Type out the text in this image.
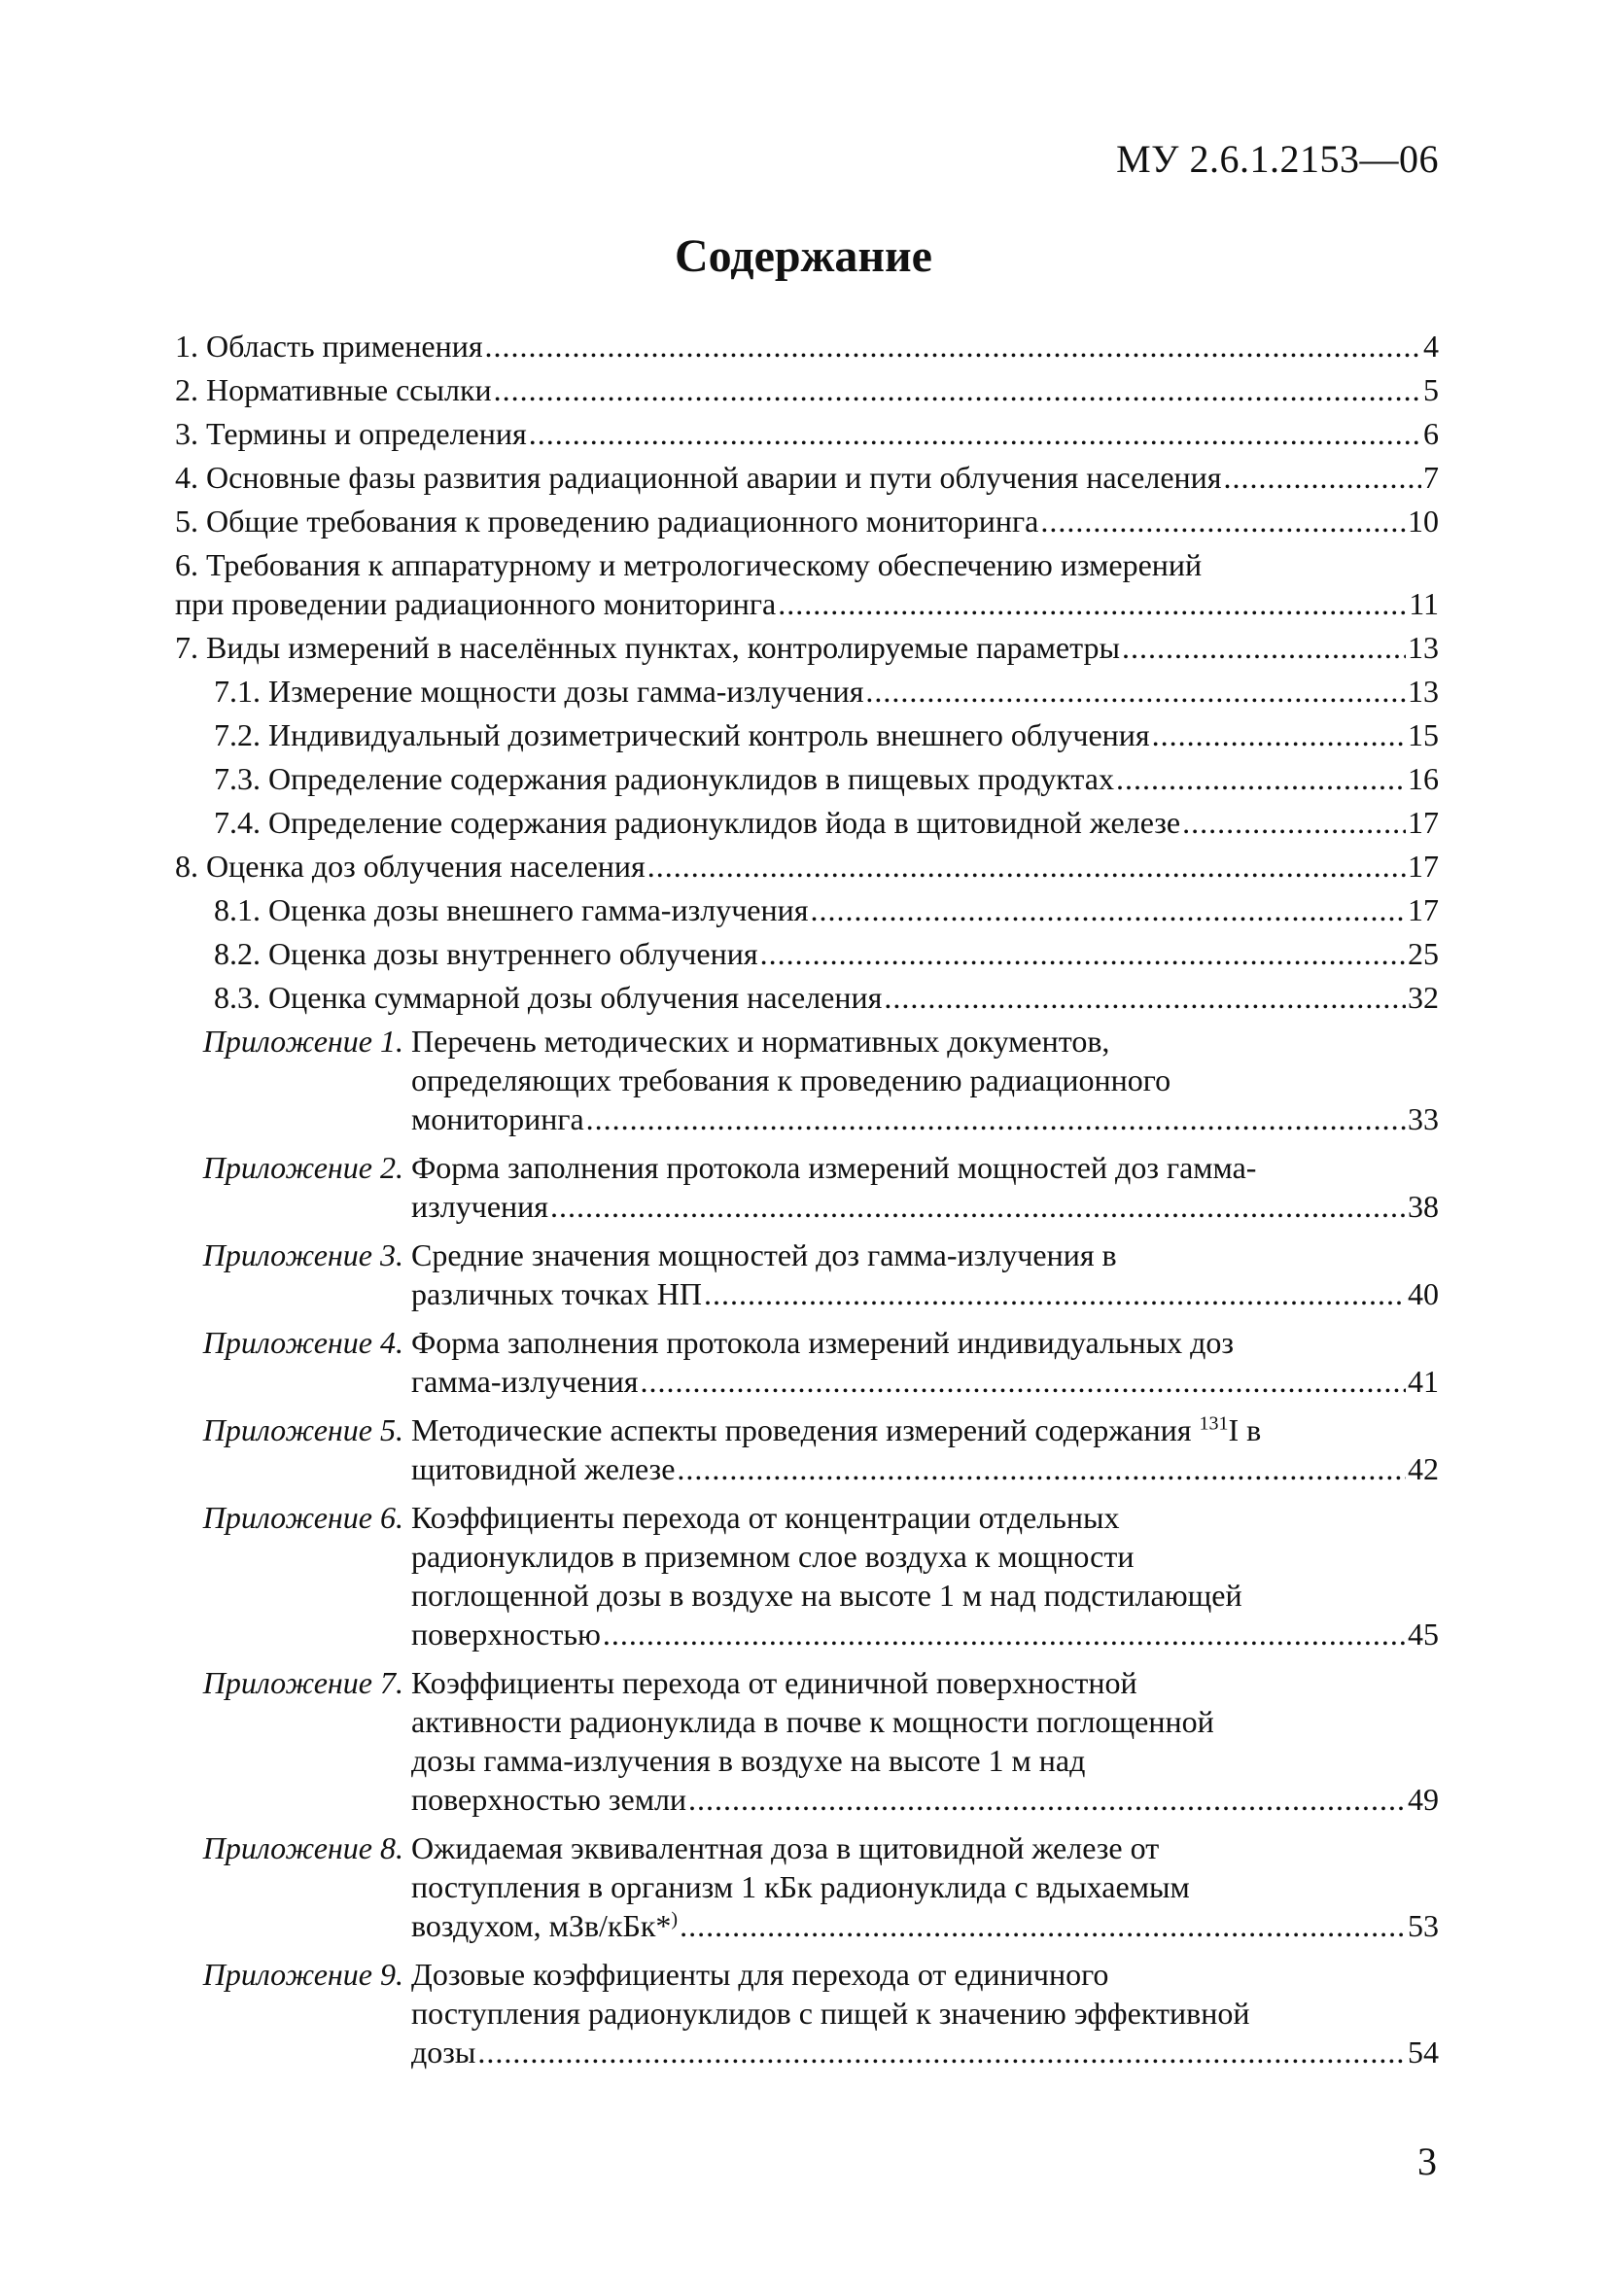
МУ 2.6.1.2153—06
Содержание
1. Область применения .....	4
2. Нормативные ссылки .....	5
3. Термины и определения .....	6
4. Основные фазы развития радиационной аварии и пути облучения населения .....	7
5. Общие требования к проведению радиационного мониторинга .....	10
6. Требования к аппаратурному и метрологическому обеспечению измерений
при проведении радиационного мониторинга .....	11
7. Виды измерений в населённых пунктах, контролируемые параметры .....	13
7.1. Измерение мощности дозы гамма-излучения .....	13
7.2. Индивидуальный дозиметрический контроль внешнего облучения .....	15
7.3. Определение содержания радионуклидов в пищевых продуктах .....	16
7.4. Определение содержания радионуклидов йода в щитовидной железе .....	17
8. Оценка доз облучения населения .....	17
8.1. Оценка дозы внешнего гамма-излучения .....	17
8.2. Оценка дозы внутреннего облучения .....	25
8.3. Оценка суммарной дозы облучения населения .....	32
Приложение 1. Перечень методических и нормативных документов,
определяющих требования к проведению радиационного
мониторинга .....	33
Приложение 2. Форма заполнения протокола измерений мощностей доз гамма-
излучения .....	38
Приложение 3. Средние значения мощностей доз гамма-излучения в
различных точках НП .....	40
Приложение 4. Форма заполнения протокола измерений индивидуальных доз
гамма-излучения .....	41
Приложение 5. Методические аспекты проведения измерений содержания $^{131}$I в
щитовидной железе .....	42
Приложение 6. Коэффициенты перехода от концентрации отдельных
радионуклидов в приземном слое воздуха к мощности
поглощенной дозы в воздухе на высоте 1 м над подстилающей
поверхностью .....	45
Приложение 7. Коэффициенты перехода от единичной поверхностной
активности радионуклида в почве к мощности поглощенной
дозы гамма-излучения в воздухе на высоте 1 м над
поверхностью земли .....	49
Приложение 8. Ожидаемая эквивалентная доза в щитовидной железе от
поступления в организм 1 кБк радионуклида с вдыхаемым
воздухом, мЗв/кБк*) .....	53
Приложение 9. Дозовые коэффициенты для перехода от единичного
поступления радионуклидов с пищей к значению эффективной
дозы .....	54
3
